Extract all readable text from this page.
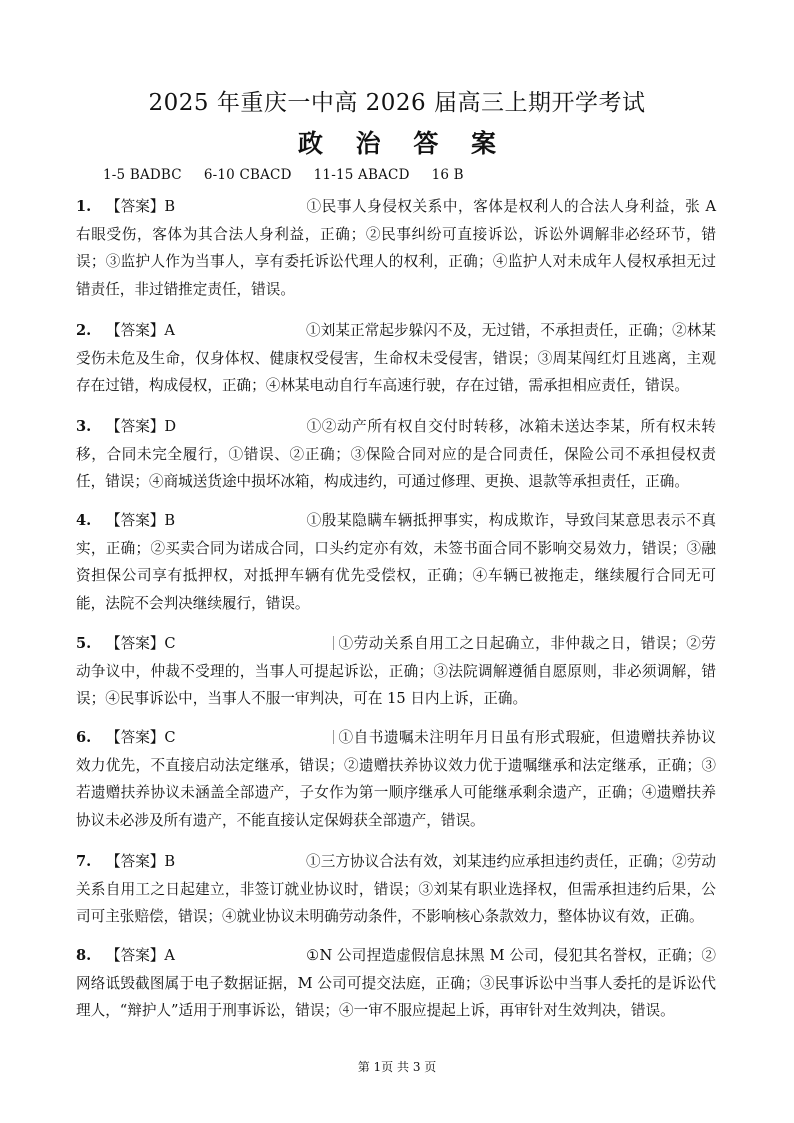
2025 年重庆一中高 2026 届高三上期开学考试
政 治 答 案
1-5 BADBC 6-10 CBACD 11-15 ABACD 16 B
1.	【答案】B	①民事人身侵权关系中，客体是权利人的合法人身利益，张 A 右眼受伤，客体为其合法人身利益，正确；②民事纠纷可直接诉讼，诉讼外调解非必经环节，错误；③监护人作为当事人，享有委托诉讼代理人的权利，正确；④监护人对未成年人侵权承担无过错责任，非过错推定责任，错误。
2.	【答案】A	①刘某正常起步躲闪不及，无过错，不承担责任，正确；②林某受伤未危及生命，仅身体权、健康权受侵害，生命权未受侵害，错误；③周某闯红灯且逃离，主观存在过错，构成侵权，正确；④林某电动自行车高速行驶，存在过错，需承担相应责任，错误。
3.	【答案】D	①②动产所有权自交付时转移，冰箱未送达李某，所有权未转移，合同未完全履行，①错误、②正确；③保险合同对应的是合同责任，保险公司不承担侵权责任，错误；④商城送货途中损坏冰箱，构成违约，可通过修理、更换、退款等承担责任，正确。
4.	【答案】B	①殷某隐瞒车辆抵押事实，构成欺诈，导致闫某意思表示不真实，正确；②买卖合同为诺成合同，口头约定亦有效，未签书面合同不影响交易效力，错误；③融资担保公司享有抵押权，对抵押车辆有优先受偿权，正确；④车辆已被拖走，继续履行合同无可能，法院不会判决继续履行，错误。
5.	【答案】C	①劳动关系自用工之日起确立，非仲裁之日，错误；②劳动争议中，仲裁不受理的，当事人可提起诉讼，正确；③法院调解遵循自愿原则，非必须调解，错误；④民事诉讼中，当事人不服一审判决，可在 15 日内上诉，正确。
6.	【答案】C	①自书遗嘱未注明年月日虽有形式瑕疵，但遗赠扶养协议效力优先，不直接启动法定继承，错误；②遗赠扶养协议效力优于遗嘱继承和法定继承，正确；③若遗赠扶养协议未涵盖全部遗产，子女作为第一顺序继承人可能继承剩余遗产，正确；④遗赠扶养协议未必涉及所有遗产，不能直接认定保姆获全部遗产，错误。
7.	【答案】B	①三方协议合法有效，刘某违约应承担违约责任，正确；②劳动关系自用工之日起建立，非签订就业协议时，错误；③刘某有职业选择权，但需承担违约后果，公司可主张赔偿，错误；④就业协议未明确劳动条件，不影响核心条款效力，整体协议有效，正确。
8.	【答案】A	①N 公司捏造虚假信息抹黑 M 公司，侵犯其名誉权，正确；②网络诋毁截图属于电子数据证据，M 公司可提交法庭，正确；③民事诉讼中当事人委托的是诉讼代理人，“辩护人”适用于刑事诉讼，错误；④一审不服应提起上诉，再审针对生效判决，错误。
第 1页 共 3 页
